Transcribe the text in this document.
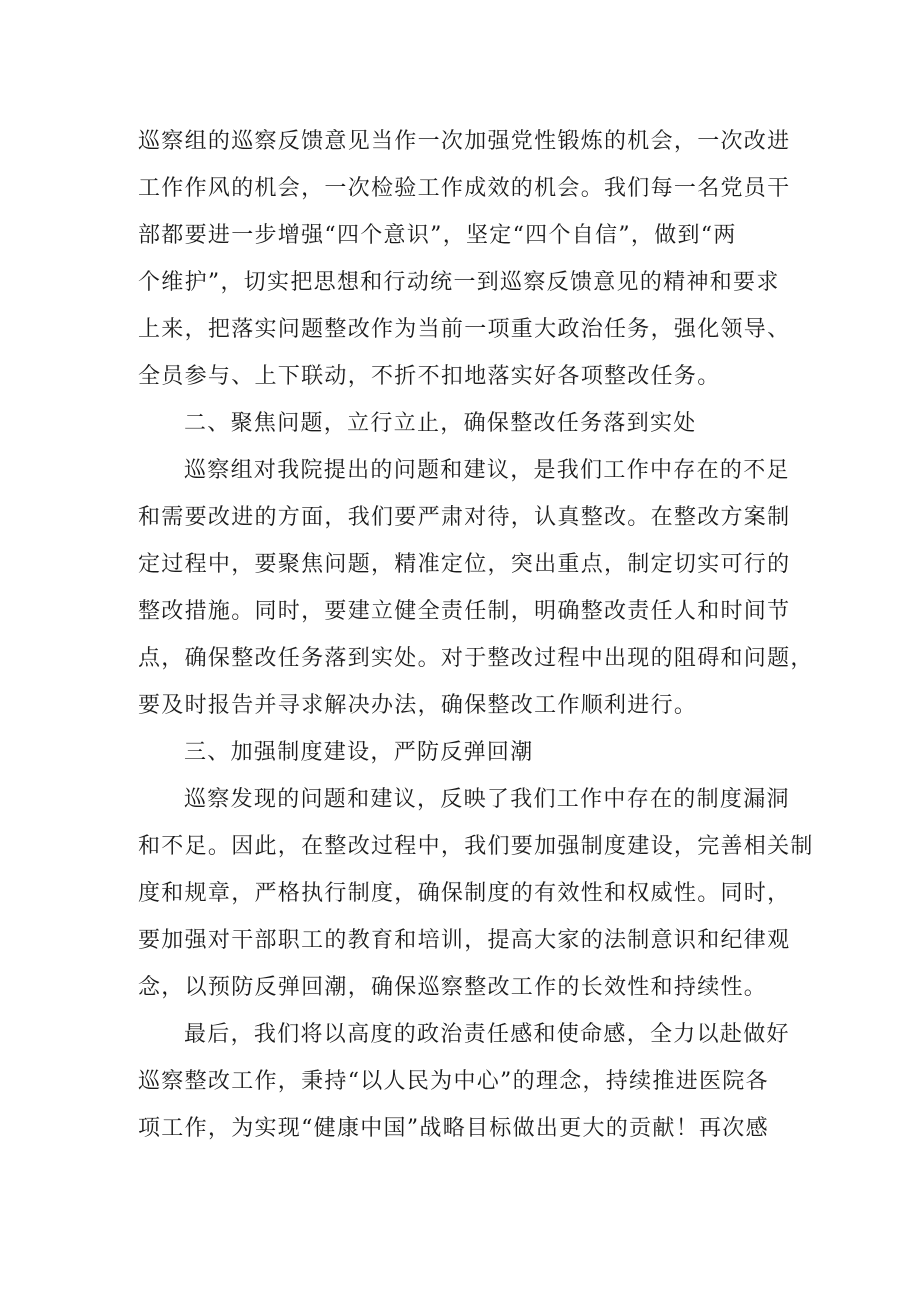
巡察组的巡察反馈意见当作一次加强党性锻炼的机会，一次改进
工作作风的机会，一次检验工作成效的机会。我们每一名党员干
部都要进一步增强“四个意识”，坚定“四个自信”，做到“两
个维护”，切实把思想和行动统一到巡察反馈意见的精神和要求
上来，把落实问题整改作为当前一项重大政治任务，强化领导、
全员参与、上下联动，不折不扣地落实好各项整改任务。
二、聚焦问题，立行立止，确保整改任务落到实处
巡察组对我院提出的问题和建议，是我们工作中存在的不足
和需要改进的方面，我们要严肃对待，认真整改。在整改方案制
定过程中，要聚焦问题，精准定位，突出重点，制定切实可行的
整改措施。同时，要建立健全责任制，明确整改责任人和时间节
点，确保整改任务落到实处。对于整改过程中出现的阻碍和问题，
要及时报告并寻求解决办法，确保整改工作顺利进行。
三、加强制度建设，严防反弹回潮
巡察发现的问题和建议，反映了我们工作中存在的制度漏洞
和不足。因此，在整改过程中，我们要加强制度建设，完善相关制
度和规章，严格执行制度，确保制度的有效性和权威性。同时，
要加强对干部职工的教育和培训，提高大家的法制意识和纪律观
念，以预防反弹回潮，确保巡察整改工作的长效性和持续性。
最后，我们将以高度的政治责任感和使命感，全力以赴做好
巡察整改工作，秉持“以人民为中心”的理念，持续推进医院各
项工作，为实现“健康中国”战略目标做出更大的贡献！再次感
